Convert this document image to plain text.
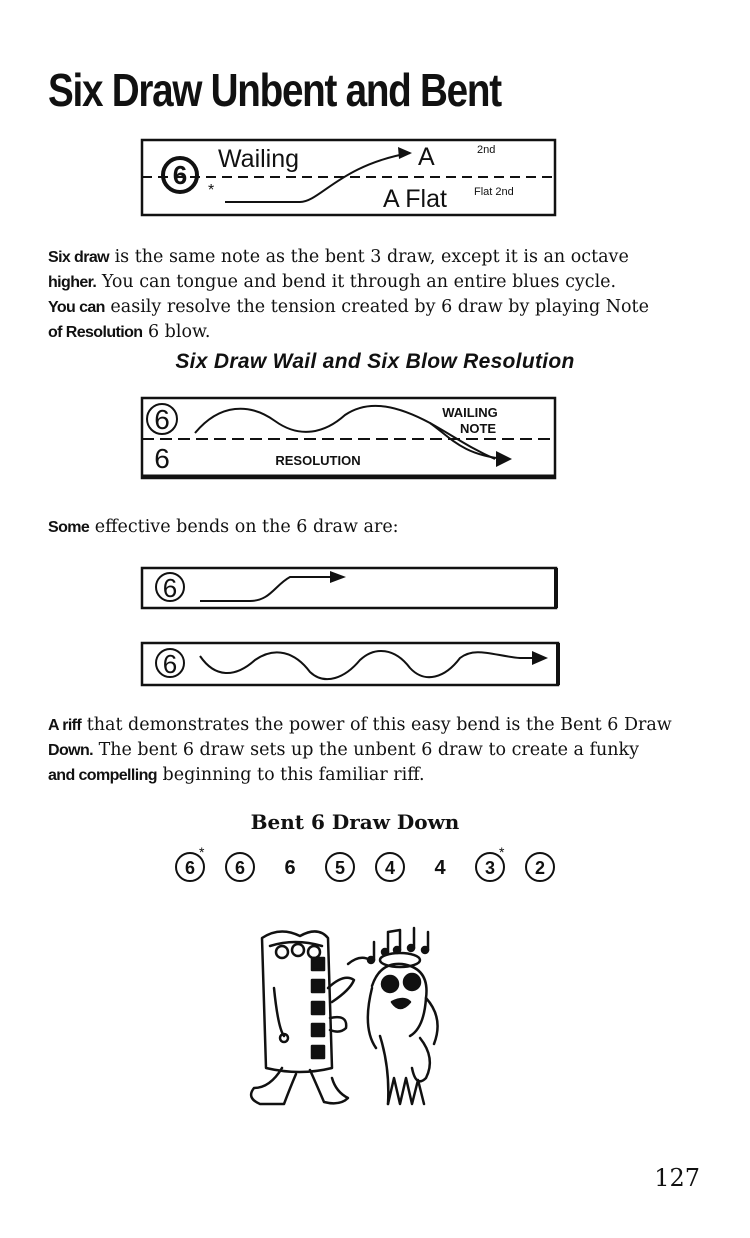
Six Draw Unbent and Bent
6
*
Wailing	A	2nd
A Flat Flat 2nd

Six draw is the same note as the bent 3 draw, except it is an octave
higher. You can tongue and bend it through an entire blues cycle.
You can easily resolve the tension created by 6 draw by playing Note
of Resolution 6 blow.

Six Draw Wail and Six Blow Resolution
6
6
WAILING
NOTE
RESOLUTION

Some effective bends on the 6 draw are:

6
6

A riff that demonstrates the power of this easy bend is the Bent 6 Draw
Down. The bent 6 draw sets up the unbent 6 draw to create a funky
and compelling beginning to this familiar riff.

Bent 6 Draw Down
6
*
6 6 5 4 4 3
*
2
127
